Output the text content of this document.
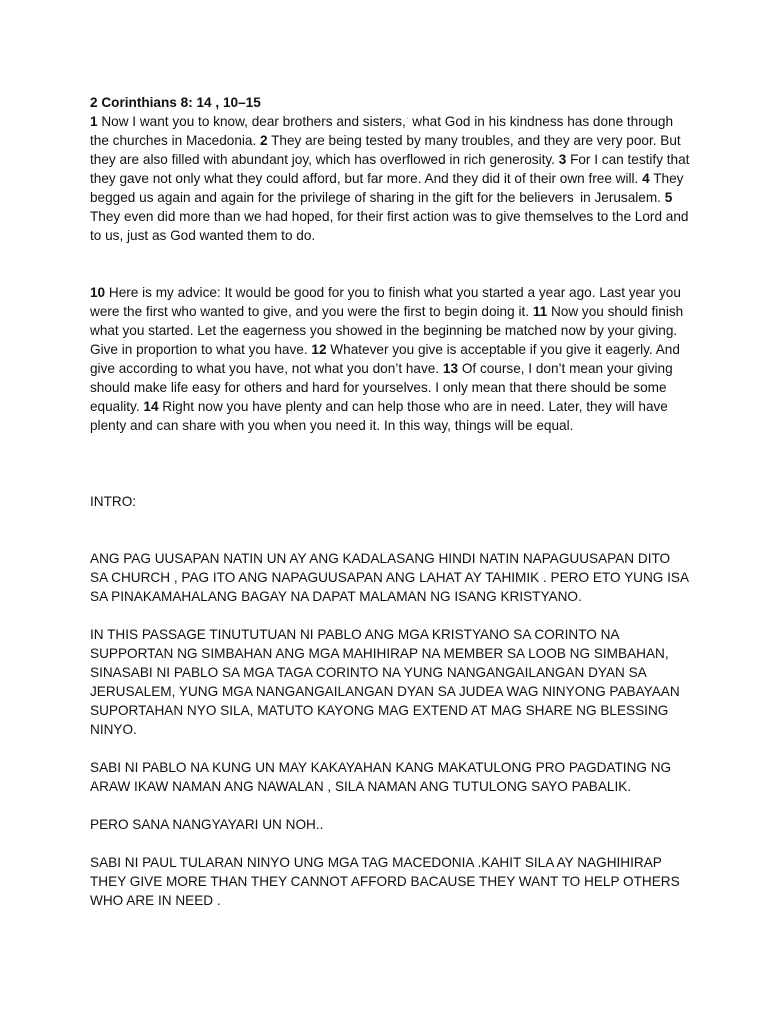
2 Corinthians 8: 14 , 10–15

1 Now I want you to know, dear brothers and sisters,· what God in his kindness has done through the churches in Macedonia. 2 They are being tested by many troubles, and they are very poor. But they are also filled with abundant joy, which has overflowed in rich generosity. 3 For I can testify that they gave not only what they could afford, but far more. And they did it of their own free will. 4 They begged us again and again for the privilege of sharing in the gift for the believers· in Jerusalem. 5 They even did more than we had hoped, for their first action was to give themselves to the Lord and to us, just as God wanted them to do.

10 Here is my advice: It would be good for you to finish what you started a year ago. Last year you were the first who wanted to give, and you were the first to begin doing it. 11 Now you should finish what you started. Let the eagerness you showed in the beginning be matched now by your giving. Give in proportion to what you have. 12 Whatever you give is acceptable if you give it eagerly. And give according to what you have, not what you don’t have. 13 Of course, I don’t mean your giving should make life easy for others and hard for yourselves. I only mean that there should be some equality. 14 Right now you have plenty and can help those who are in need. Later, they will have plenty and can share with you when you need it. In this way, things will be equal.

INTRO:

ANG PAG UUSAPAN NATIN UN AY ANG KADALASANG HINDI NATIN NAPAGUUSAPAN DITO SA CHURCH , PAG ITO ANG NAPAGUUSAPAN ANG LAHAT AY TAHIMIK . PERO ETO YUNG ISA SA PINAKAMAHALANG BAGAY NA DAPAT MALAMAN NG ISANG KRISTYANO.

IN THIS PASSAGE TINUTUTUAN NI PABLO ANG MGA KRISTYANO SA CORINTO NA SUPPORTAN NG SIMBAHAN ANG MGA MAHIHIRAP NA MEMBER SA LOOB NG SIMBAHAN, SINASABI NI PABLO SA MGA TAGA CORINTO NA YUNG NANGANGAILANGAN DYAN SA JERUSALEM, YUNG MGA NANGANGAILANGAN DYAN SA JUDEA WAG NINYONG PABAYAAN SUPORTAHAN NYO SILA, MATUTO KAYONG MAG EXTEND AT MAG SHARE NG BLESSING NINYO.

SABI NI PABLO NA KUNG UN MAY KAKAYAHAN KANG MAKATULONG PRO PAGDATING NG ARAW IKAW NAMAN ANG NAWALAN , SILA NAMAN ANG TUTULONG SAYO PABALIK.

PERO SANA NANGYAYARI UN NOH..

SABI NI PAUL TULARAN NINYO UNG MGA TAG MACEDONIA .KAHIT SILA AY NAGHIHIRAP THEY GIVE MORE THAN THEY CANNOT AFFORD BACAUSE THEY WANT TO HELP OTHERS WHO ARE IN NEED .
